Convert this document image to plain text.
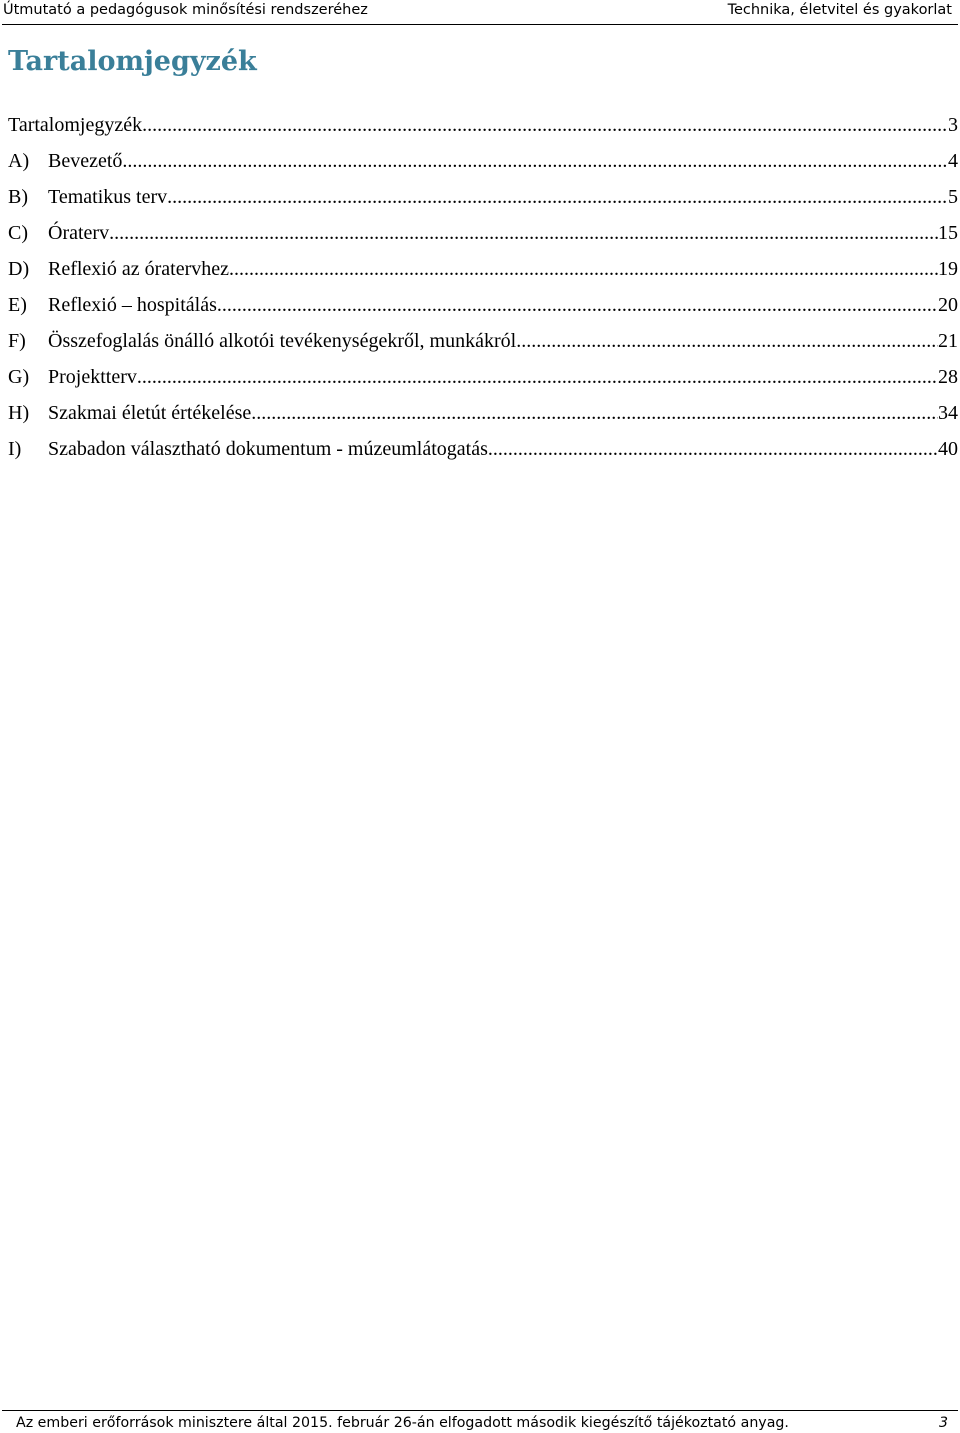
Útmutató a pedagógusok minősítési rendszeréhez	Technika, életvitel és gyakorlat
Tartalomjegyzék
Tartalomjegyzék .....	3
A) Bevezető .....	4
B)	Tematikus terv .....	5
C)	Óraterv .....	15
D) Reflexió az óratervhez .....	19
E)	Reflexió – hospitálás .....	20
F)	Összefoglalás önálló alkotói tevékenységekről, munkákról .....	21
G) Projektterv .....	28
H) Szakmai életút értékelése .....	34
I)	Szabadon választható dokumentum - múzeumlátogatás .....	40
Az emberi erőforrások minisztere által 2015. február 26-án elfogadott második kiegészítő tájékoztató anyag.	3
